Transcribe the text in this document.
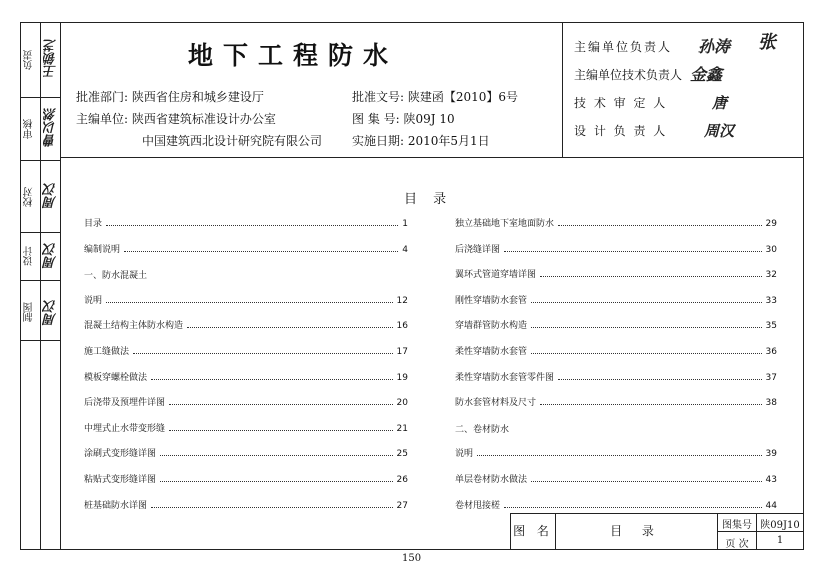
负责 王锁芝
审核 曹以然
校对 周汉
设计 周汉
制图 周汉
地下工程防水
批准部门: 陕西省住房和城乡建设厅
主编单位: 陕西省建筑标准设计办公室
中国建筑西北设计研究院有限公司
批准文号: 陕建函【2010】6号
图 集 号: 陕09J 10
实施日期: 2010年5月1日
主编单位负责人 孙涛 张
主编单位技术负责人 金鑫
技 术 审 定 人	唐
设 计 负 责 人 周汉
目 录
目录	1
编制说明	4
一、防水混凝土
说明	12
混凝土结构主体防水构造	16
施工缝做法	17
模板穿螺栓做法	19
后浇带及预埋件详图	20
中埋式止水带变形缝	21
涂刷式变形缝详图	25
粘贴式变形缝详图	26
桩基础防水详图	27
独立基础地下室地面防水	29
后浇缝详图	30
翼环式管道穿墙详图	32
刚性穿墙防水套管	33
穿墙群管防水构造	35
柔性穿墙防水套管	36
柔性穿墙防水套管零件图	37
防水套管材料及尺寸	38
二、卷材防水
说明	39
单层卷材防水做法	43
卷材甩接槎	44
图 名	目 录	图集号 陕09J10
页 次	1
150
